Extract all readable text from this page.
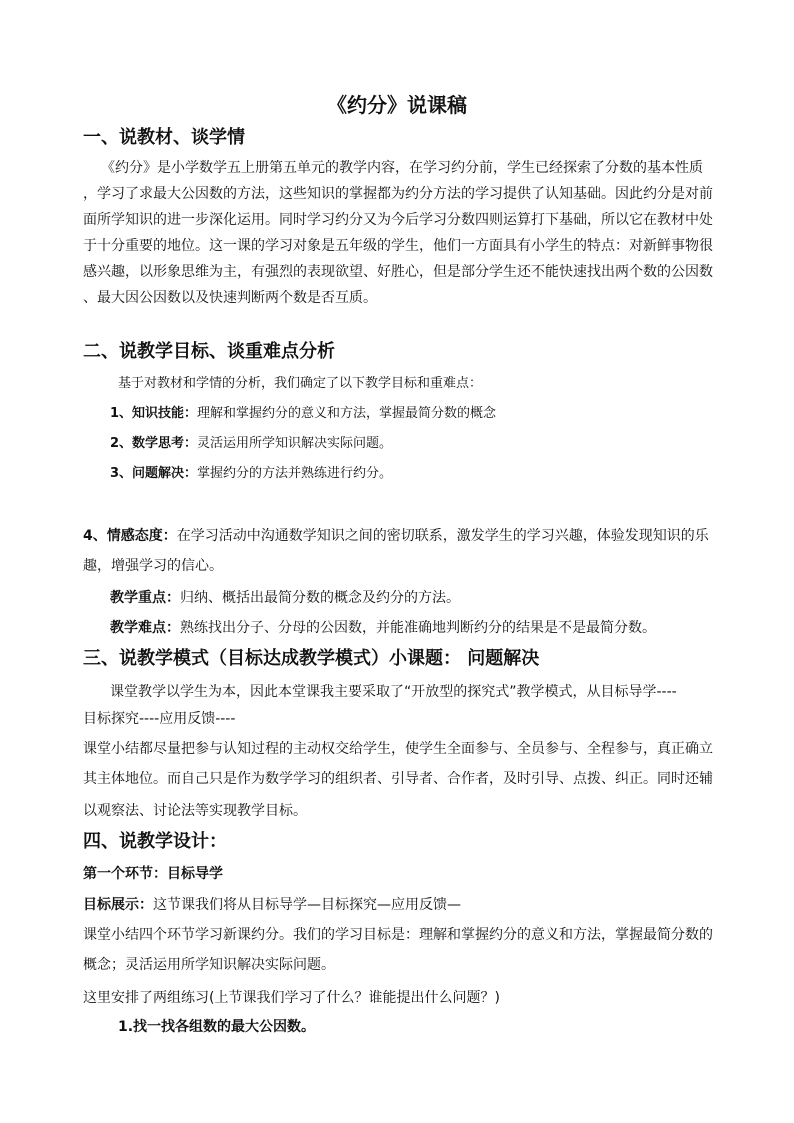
《约分》说课稿
一、说教材、谈学情
《约分》是小学数学五上册第五单元的教学内容，在学习约分前，学生已经探索了分数的基本性质
，学习了求最大公因数的方法，这些知识的掌握都为约分方法的学习提供了认知基础。因此约分是对前
面所学知识的进一步深化运用。同时学习约分又为今后学习分数四则运算打下基础，所以它在教材中处
于十分重要的地位。这一课的学习对象是五年级的学生，他们一方面具有小学生的特点：对新鲜事物很
感兴趣，以形象思维为主，有强烈的表现欲望、好胜心，但是部分学生还不能快速找出两个数的公因数
、最大因公因数以及快速判断两个数是否互质。
二、说教学目标、谈重难点分析
基于对教材和学情的分析，我们确定了以下教学目标和重难点：
1、知识技能：理解和掌握约分的意义和方法，掌握最简分数的概念
2、数学思考：灵活运用所学知识解决实际问题。
3、问题解决：掌握约分的方法并熟练进行约分。
4、情感态度：在学习活动中沟通数学知识之间的密切联系，激发学生的学习兴趣，体验发现知识的乐
趣，增强学习的信心。
教学重点：归纳、概括出最简分数的概念及约分的方法。
教学难点：熟练找出分子、分母的公因数，并能准确地判断约分的结果是不是最简分数。
三、说教学模式（目标达成教学模式）小课题： 问题解决
课堂教学以学生为本，因此本堂课我主要采取了“开放型的探究式”教学模式，从目标导学----
目标探究----应用反馈----
课堂小结都尽量把参与认知过程的主动权交给学生，使学生全面参与、全员参与、全程参与，真正确立
其主体地位。而自己只是作为数学学习的组织者、引导者、合作者，及时引导、点拨、纠正。同时还辅
以观察法、讨论法等实现教学目标。
四、说教学设计：
第一个环节：目标导学
目标展示：这节课我们将从目标导学—目标探究—应用反馈—
课堂小结四个环节学习新课约分。我们的学习目标是：理解和掌握约分的意义和方法，掌握最简分数的
概念；灵活运用所学知识解决实际问题。
这里安排了两组练习(上节课我们学习了什么？谁能提出什么问题？)
1.找一找各组数的最大公因数。
